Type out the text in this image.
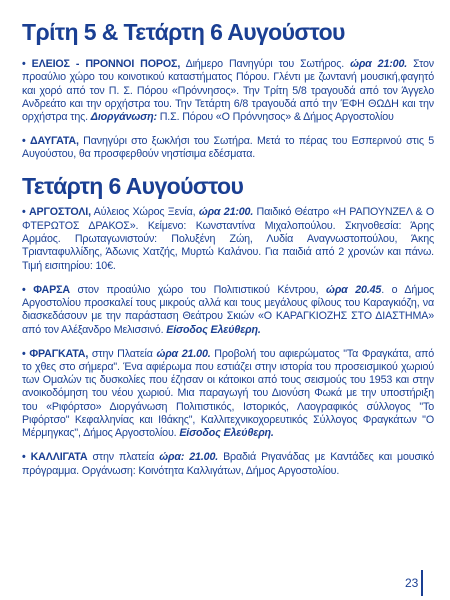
Τρίτη 5 & Τετάρτη 6 Αυγούστου

• ΕΛΕΙΟΣ - ΠΡΟΝΝΟΙ ΠΟΡΟΣ, Διήμερο Πανηγύρι του Σωτήρος. ώρα 21:00. Στον προαύλιο χώρο του κοινοτικού καταστήματος Πόρου. Γλέντι με ζωντανή μουσική,φαγητό και χορό από τον Π. Σ. Πόρου «Πρόννησος». Την Τρίτη 5/8 τραγουδά από τον Άγγελο Ανδρεάτο και την ορχήστρα του. Την Τετάρτη 6/8 τραγουδά από την ΈΦΗ ΘΩΔΗ και την ορχήστρα της. Διοργάνωση: Π.Σ. Πόρου «Ο Πρόννησος» & Δήμος Αργοστολίου

• ΔΑΥΓΑΤΑ, Πανηγύρι στο ξωκλήσι του Σωτήρα. Μετά το πέρας του Εσπερινού στις 5 Αυγούστου, θα προσφερθούν νηστίσιμα εδέσματα.

Τετάρτη 6 Αυγούστου

• ΑΡΓΟΣΤΟΛΙ, Αύλειος Χώρος Ξενία, ώρα 21:00. Παιδικό Θέατρο «Η ΡΑΠΟΥΝΖΕΛ & Ο ΦΤΕΡΩΤΟΣ ΔΡΑΚΟΣ». Κείμενο: Κωνσταντίνα Μιχαλοπούλου. Σκηνοθεσία: Άρης Αρμάος. Πρωταγωνιστούν: Πολυξένη Ζώη, Λυδία Αναγνωστοπούλου, Άκης Τριανταφυλλίδης, Άδωνις Χατζής, Μυρτώ Καλάνου. Για παιδιά από 2 χρονών και πάνω. Τιμή εισιτηρίου: 10€.

• ΦΑΡΣΑ στον προαύλιο χώρο του Πολιτιστικού Κέντρου, ώρα 20.45. ο Δήμος Αργοστολίου προσκαλεί τους μικρούς αλλά και τους μεγάλους φίλους του Καραγκιόζη, να διασκεδάσουν με την παράσταση Θεάτρου Σκιών «Ο ΚΑΡΑΓΚΙΟΖΗΣ ΣΤΟ ΔΙΑΣΤΗΜΑ» από τον Αλέξανδρο Μελισσινό. Είσοδος Ελεύθερη.

• ΦΡΑΓΚΑΤΑ, στην Πλατεία ώρα 21.00. Προβολή του αφιερώματος "Τα Φραγκάτα, από το χθες στο σήμερα". Ένα αφιέρωμα που εστιάζει στην ιστορία του προσεισμικού χωριού των Ομαλών τις δυσκολίες που έζησαν οι κάτοικοι από τους σεισμούς του 1953 και στην ανοικοδόμηση του νέου χωριού. Μια παραγωγή του Διονύση Φωκά με την υποστήριξη του «Ριφόρτσο» Διοργάνωση Πολιτιστικός, Ιστορικός, Λαογραφικός σύλλογος "Το Ριφόρτσο" Κεφαλληνίας και Ιθάκης", Καλλιτεχνικοχορευτικός Σύλλογος Φραγκάτων "Ο Μέρμηγκας", Δήμος Αργοστολίου. Είσοδος Ελεύθερη.

• ΚΑΛΛΙΓΑΤΑ στην πλατεία ώρα: 21.00. Βραδιά Ριγανάδας με Καντάδες και μουσικό πρόγραμμα. Οργάνωση: Κοινότητα Καλλιγάτων, Δήμος Αργοστολίου.

23
